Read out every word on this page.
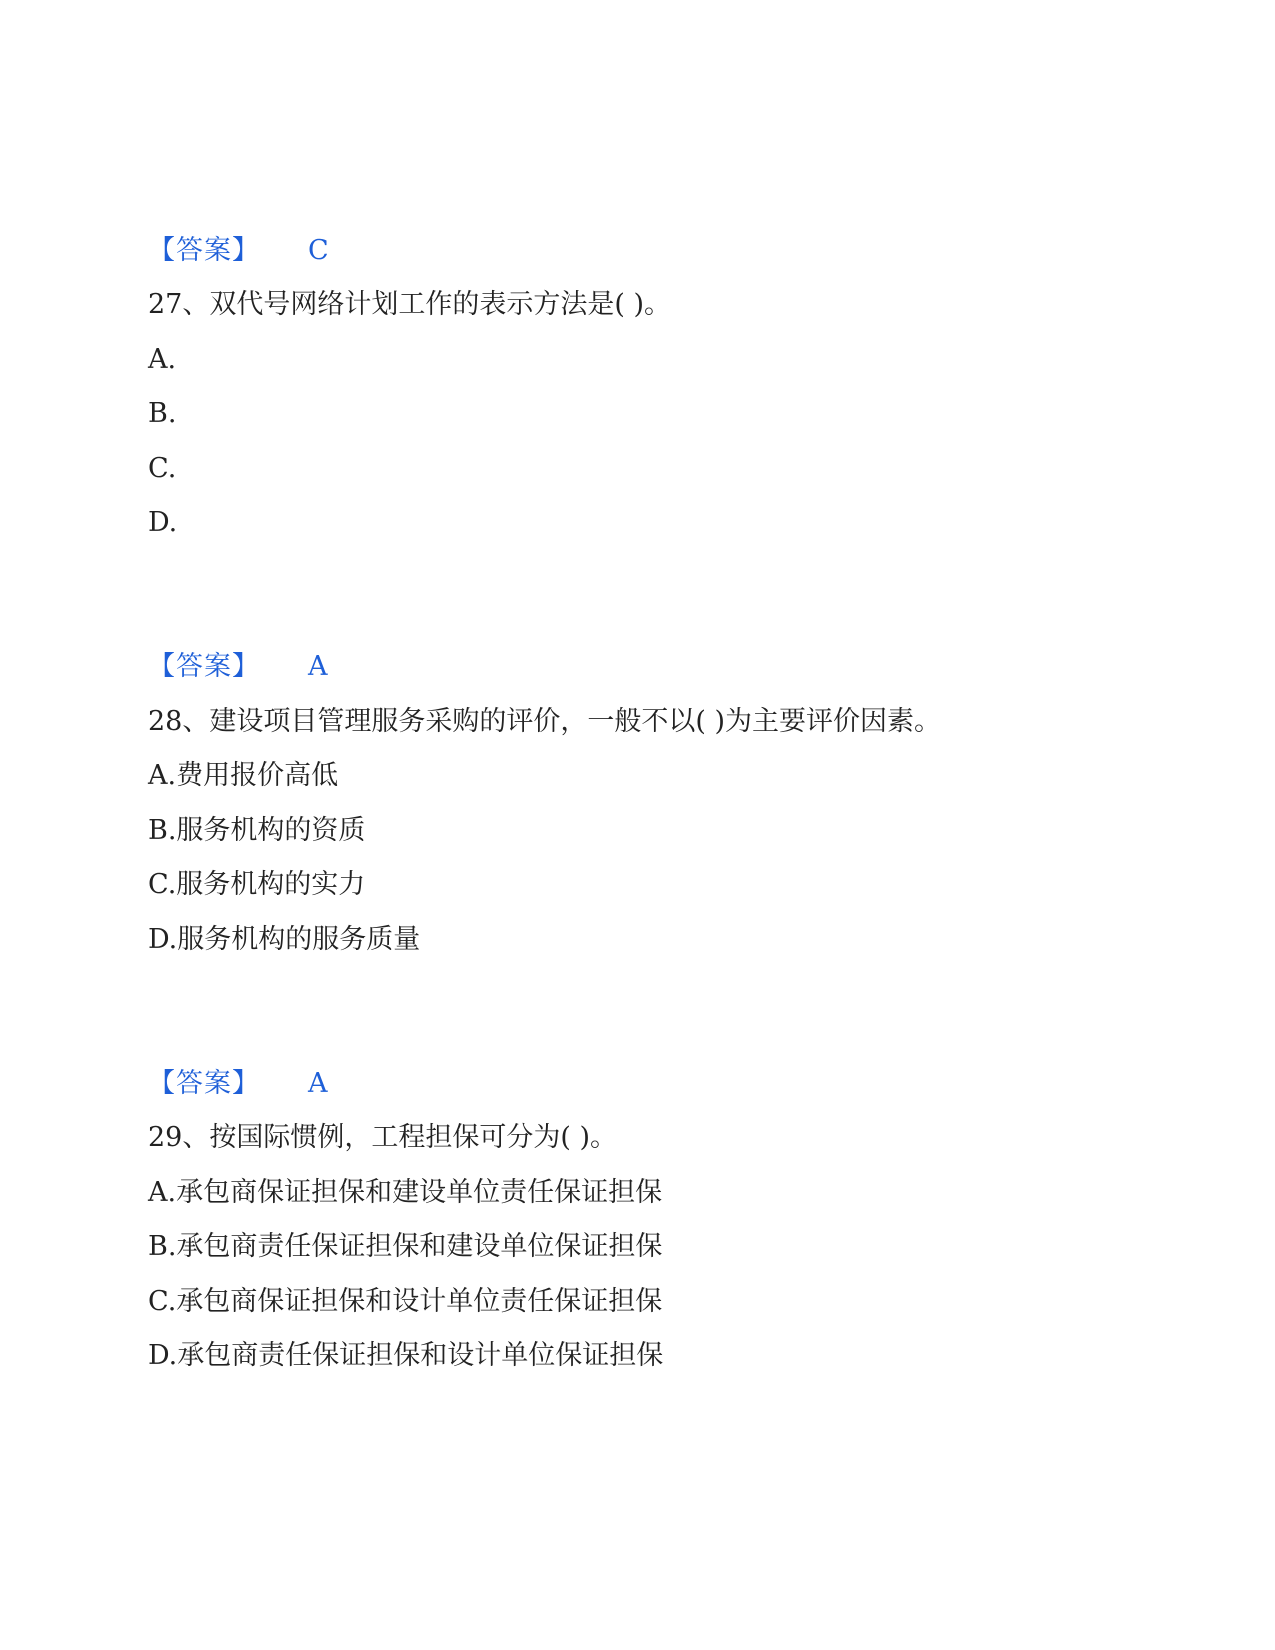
【答案】 C
27、双代号网络计划工作的表示方法是( )。
A.
B.
C.
D.
【答案】 A
28、建设项目管理服务采购的评价，一般不以( )为主要评价因素。
A.费用报价高低
B.服务机构的资质
C.服务机构的实力
D.服务机构的服务质量
【答案】 A
29、按国际惯例，工程担保可分为( )。
A.承包商保证担保和建设单位责任保证担保
B.承包商责任保证担保和建设单位保证担保
C.承包商保证担保和设计单位责任保证担保
D.承包商责任保证担保和设计单位保证担保
